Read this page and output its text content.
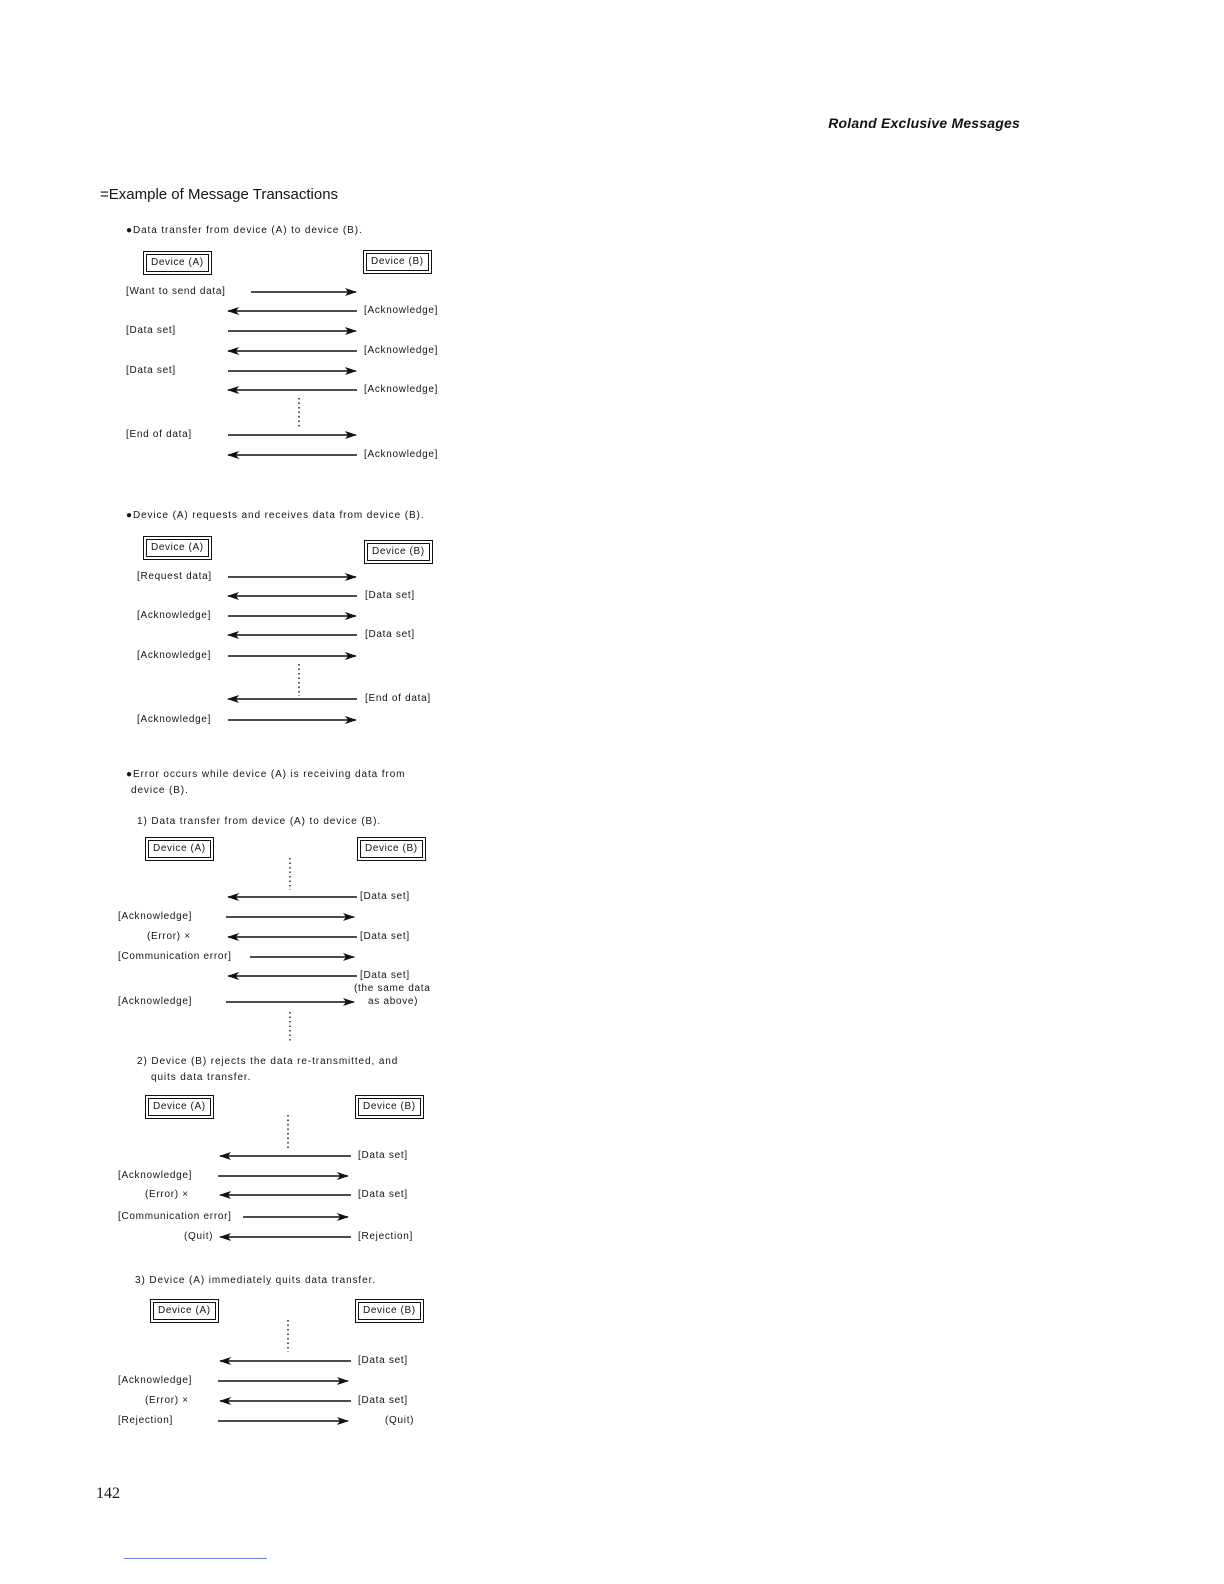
Roland Exclusive Messages
=Example of Message Transactions
●Data transfer from device (A) to device (B).
Device (A)	Device (B)
[Want to send data]
[Acknowledge]
[Data set]
[Acknowledge]
[Data set]
[Acknowledge]
[End of data]
[Acknowledge]
●Device (A) requests and receives data from device (B).
Device (A)	Device (B)
[Request data]
[Data set]
[Acknowledge]
[Data set]
[Acknowledge]
[End of data]
[Acknowledge]
●Error occurs while device (A) is receiving data from
device (B).
1) Data transfer from device (A) to device (B).
Device (A)	Device (B)
[Data set]
[Acknowledge]
(Error) ×	[Data set]
[Communication error]
[Data set]
(the same data
as above)
[Acknowledge]
2) Device (B) rejects the data re-transmitted, and
quits data transfer.
Device (A)	Device (B)
[Data set]
[Acknowledge]
(Error) ×	[Data set]
[Communication error]
(Quit)	[Rejection]
3) Device (A) immediately quits data transfer.
Device (A)	Device (B)
[Data set]
[Acknowledge]
(Error) ×	[Data set]
[Rejection]	(Quit)
142
